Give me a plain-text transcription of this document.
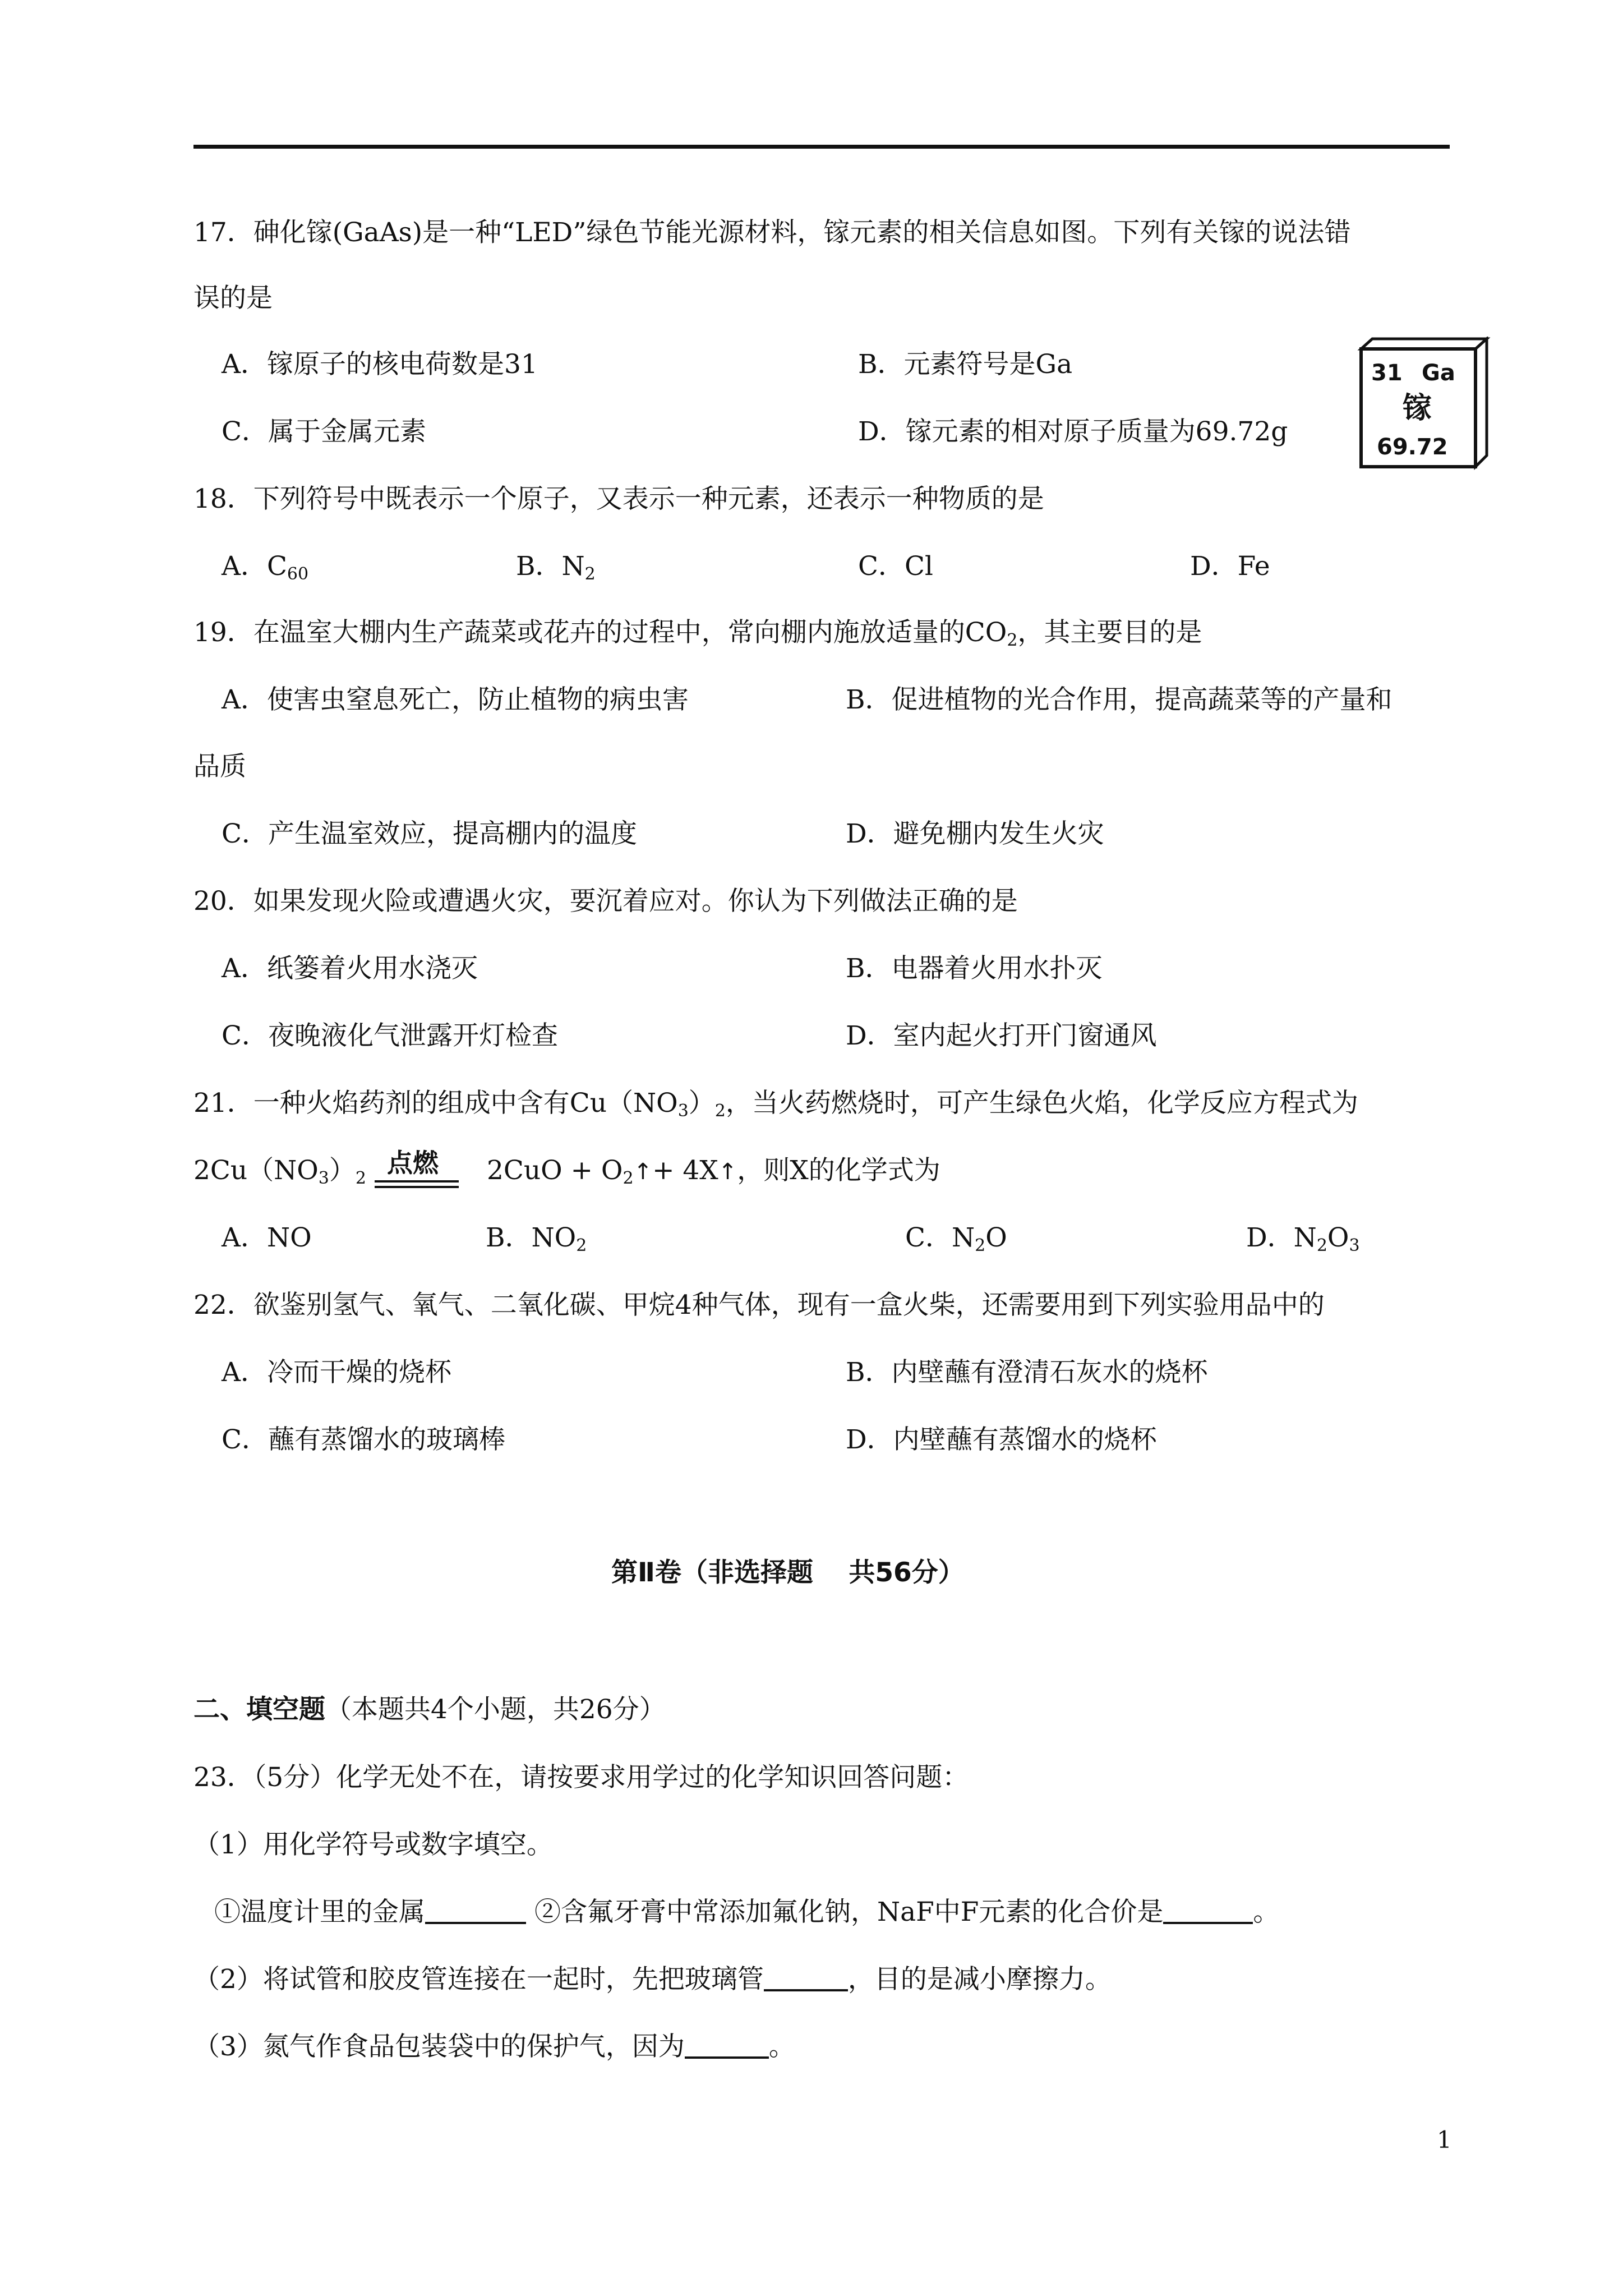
17．砷化镓(GaAs)是一种“LED”绿色节能光源材料，镓元素的相关信息如图。下列有关镓的说法错
误的是
A．镓原子的核电荷数是31	B．元素符号是Ga
C．属于金属元素	D．镓元素的相对原子质量为69.72g
31 Ga
镓
69.72
18．下列符号中既表示一个原子，又表示一种元素，还表示一种物质的是
A．$C_{60}$	B．$N_2$	C．Cl	D．Fe
19．在温室大棚内生产蔬菜或花卉的过程中，常向棚内施放适量的$CO_2$，其主要目的是
A．使害虫窒息死亡，防止植物的病虫害	B．促进植物的光合作用，提高蔬菜等的产量和
品质
C．产生温室效应，提高棚内的温度	D．避免棚内发生火灾
20．如果发现火险或遭遇火灾，要沉着应对。你认为下列做法正确的是
A．纸篓着火用水浇灭	B．电器着火用水扑灭
C．夜晚液化气泄露开灯检查	D．室内起火打开门窗通风
21．一种火焰药剂的组成中含有$Cu(NO_3)_2$，当火药燃烧时，可产生绿色火焰，化学反应方程式为
$2Cu(NO_3)_2$
点燃 $2CuO + O_2↑+$ 4X↑，则X的化学式为
A．NO	B．$NO_2$	C．$N_2O$	D．$N_2O_3$
22．欲鉴别氢气、氧气、二氧化碳、甲烷4种气体，现有一盒火柴，还需要用到下列实验用品中的
A．冷而干燥的烧杯	B．内壁蘸有澄清石灰水的烧杯
C．蘸有蒸馏水的玻璃棒	D．内壁蘸有蒸馏水的烧杯
第Ⅱ卷（非选择题　 共56分）
二、填空题（本题共4个小题，共26分）
23．（5分）化学无处不在，请按要求用学过的化学知识回答问题：
（1）用化学符号或数字填空。
①温度计里的金属	②含氟牙膏中常添加氟化钠，NaF中F元素的化合价是	。
（2）将试管和胶皮管连接在一起时，先把玻璃管	，目的是减小摩擦力。
（3）氮气作食品包装袋中的保护气，因为	。
1
